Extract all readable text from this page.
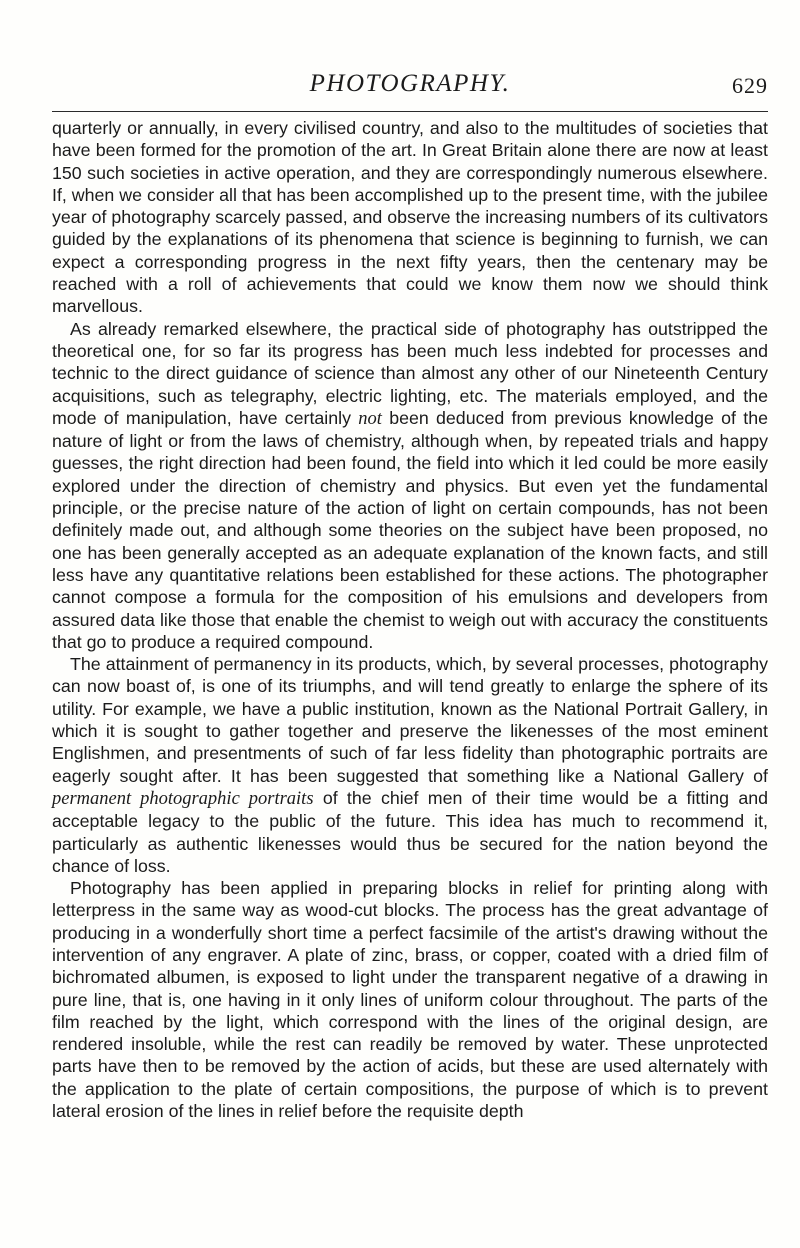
PHOTOGRAPHY.	629

quarterly or annually, in every civilised country, and also to the multitudes of societies that have been formed for the promotion of the art. In Great Britain alone there are now at least 150 such societies in active operation, and they are correspondingly numerous elsewhere. If, when we consider all that has been accomplished up to the present time, with the jubilee year of photography scarcely passed, and observe the increasing numbers of its cultivators guided by the explanations of its phenomena that science is beginning to furnish, we can expect a corresponding progress in the next fifty years, then the centenary may be reached with a roll of achievements that could we know them now we should think marvellous.

As already remarked elsewhere, the practical side of photography has outstripped the theoretical one, for so far its progress has been much less indebted for processes and technic to the direct guidance of science than almost any other of our Nineteenth Century acquisitions, such as telegraphy, electric lighting, etc. The materials employed, and the mode of manipulation, have certainly not been deduced from previous knowledge of the nature of light or from the laws of chemistry, although when, by repeated trials and happy guesses, the right direction had been found, the field into which it led could be more easily explored under the direction of chemistry and physics. But even yet the fundamental principle, or the precise nature of the action of light on certain compounds, has not been definitely made out, and although some theories on the subject have been proposed, no one has been generally accepted as an adequate explanation of the known facts, and still less have any quantitative relations been established for these actions. The photographer cannot compose a formula for the composition of his emulsions and developers from assured data like those that enable the chemist to weigh out with accuracy the constituents that go to produce a required compound.

The attainment of permanency in its products, which, by several processes, photography can now boast of, is one of its triumphs, and will tend greatly to enlarge the sphere of its utility. For example, we have a public institution, known as the National Portrait Gallery, in which it is sought to gather together and preserve the likenesses of the most eminent Englishmen, and presentments of such of far less fidelity than photographic portraits are eagerly sought after. It has been suggested that something like a National Gallery of permanent photographic portraits of the chief men of their time would be a fitting and acceptable legacy to the public of the future. This idea has much to recommend it, particularly as authentic likenesses would thus be secured for the nation beyond the chance of loss.

Photography has been applied in preparing blocks in relief for printing along with letterpress in the same way as wood-cut blocks. The process has the great advantage of producing in a wonderfully short time a perfect facsimile of the artist's drawing without the intervention of any engraver. A plate of zinc, brass, or copper, coated with a dried film of bichromated albumen, is exposed to light under the transparent negative of a drawing in pure line, that is, one having in it only lines of uniform colour throughout. The parts of the film reached by the light, which correspond with the lines of the original design, are rendered insoluble, while the rest can readily be removed by water. These unprotected parts have then to be removed by the action of acids, but these are used alternately with the application to the plate of certain compositions, the purpose of which is to prevent lateral erosion of the lines in relief before the requisite depth
